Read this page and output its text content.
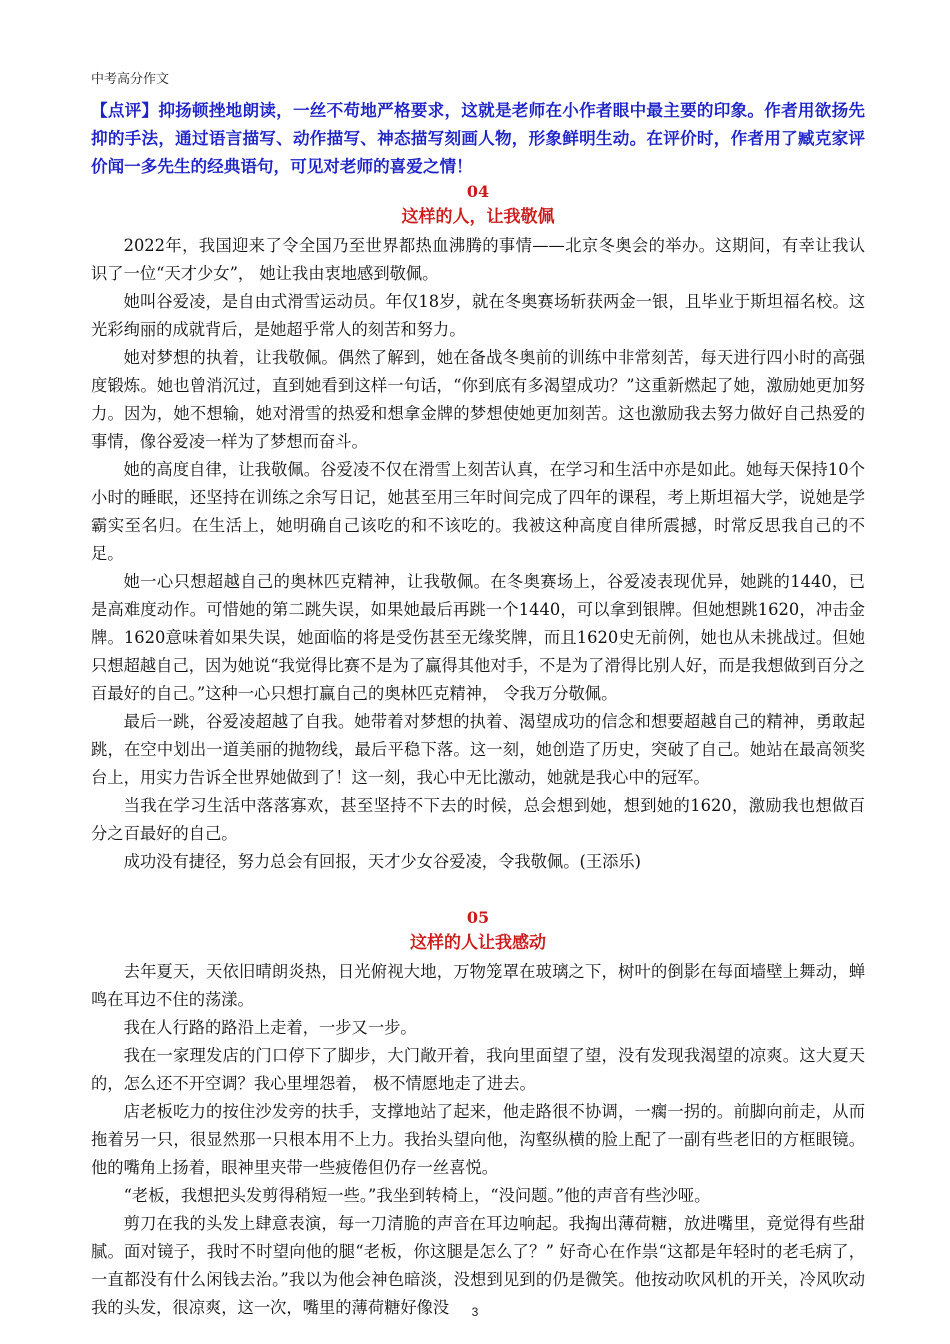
中考高分作文

【点评】抑扬顿挫地朗读，一丝不苟地严格要求，这就是老师在小作者眼中最主要的印象。作者用欲扬先抑的手法，通过语言描写、动作描写、神态描写刻画人物，形象鲜明生动。在评价时，作者用了臧克家评价闻一多先生的经典语句，可见对老师的喜爱之情！

04

这样的人，让我敬佩

2022年，我国迎来了令全国乃至世界都热血沸腾的事情——北京冬奥会的举办。这期间，有幸让我认识了一位“天才少女”， 她让我由衷地感到敬佩。

她叫谷爱凌，是自由式滑雪运动员。年仅18岁，就在冬奥赛场斩获两金一银，且毕业于斯坦福名校。这光彩绚丽的成就背后，是她超乎常人的刻苦和努力。

她对梦想的执着，让我敬佩。偶然了解到，她在备战冬奥前的训练中非常刻苦，每天进行四小时的高强度锻炼。她也曾消沉过，直到她看到这样一句话，“你到底有多渴望成功？”这重新燃起了她，激励她更加努力。因为，她不想输，她对滑雪的热爱和想拿金牌的梦想使她更加刻苦。这也激励我去努力做好自己热爱的事情，像谷爱凌一样为了梦想而奋斗。

她的高度自律，让我敬佩。谷爱凌不仅在滑雪上刻苦认真，在学习和生活中亦是如此。她每天保持10个小时的睡眠，还坚持在训练之余写日记，她甚至用三年时间完成了四年的课程，考上斯坦福大学，说她是学霸实至名归。在生活上，她明确自己该吃的和不该吃的。我被这种高度自律所震撼，时常反思我自己的不足。

她一心只想超越自己的奥林匹克精神，让我敬佩。在冬奥赛场上，谷爱凌表现优异，她跳的1440，已是高难度动作。可惜她的第二跳失误，如果她最后再跳一个1440，可以拿到银牌。但她想跳1620，冲击金牌。1620意味着如果失误，她面临的将是受伤甚至无缘奖牌，而且1620史无前例，她也从未挑战过。但她只想超越自己，因为她说“我觉得比赛不是为了赢得其他对手，不是为了滑得比别人好，而是我想做到百分之百最好的自己。”这种一心只想打赢自己的奥林匹克精神， 令我万分敬佩。

最后一跳，谷爱凌超越了自我。她带着对梦想的执着、渴望成功的信念和想要超越自己的精神，勇敢起跳，在空中划出一道美丽的抛物线，最后平稳下落。这一刻，她创造了历史，突破了自己。她站在最高领奖台上，用实力告诉全世界她做到了！这一刻，我心中无比激动，她就是我心中的冠军。

当我在学习生活中落落寡欢，甚至坚持不下去的时候，总会想到她，想到她的1620，激励我也想做百分之百最好的自己。

成功没有捷径，努力总会有回报，天才少女谷爱凌，令我敬佩。(王添乐)

05

这样的人让我感动

去年夏天，天依旧晴朗炎热，日光俯视大地，万物笼罩在玻璃之下，树叶的倒影在每面墙壁上舞动，蝉鸣在耳边不住的荡漾。

我在人行路的路沿上走着，一步又一步。

我在一家理发店的门口停下了脚步，大门敞开着，我向里面望了望，没有发现我渴望的凉爽。这大夏天的，怎么还不开空调？我心里埋怨着， 极不情愿地走了进去。

店老板吃力的按住沙发旁的扶手，支撑地站了起来，他走路很不协调，一瘸一拐的。前脚向前走，从而拖着另一只，很显然那一只根本用不上力。我抬头望向他，沟壑纵横的脸上配了一副有些老旧的方框眼镜。他的嘴角上扬着，眼神里夹带一些疲倦但仍存一丝喜悦。

“老板，我想把头发剪得稍短一些。”我坐到转椅上，“没问题。”他的声音有些沙哑。

剪刀在我的头发上肆意表演，每一刀清脆的声音在耳边响起。我掏出薄荷糖，放进嘴里，竟觉得有些甜腻。面对镜子，我时不时望向他的腿“老板，你这腿是怎么了？” 好奇心在作祟“这都是年轻时的老毛病了，一直都没有什么闲钱去治。”我以为他会神色暗淡，没想到见到的仍是微笑。他按动吹风机的开关，冷风吹动我的头发，很凉爽，这一次，嘴里的薄荷糖好像没	3
